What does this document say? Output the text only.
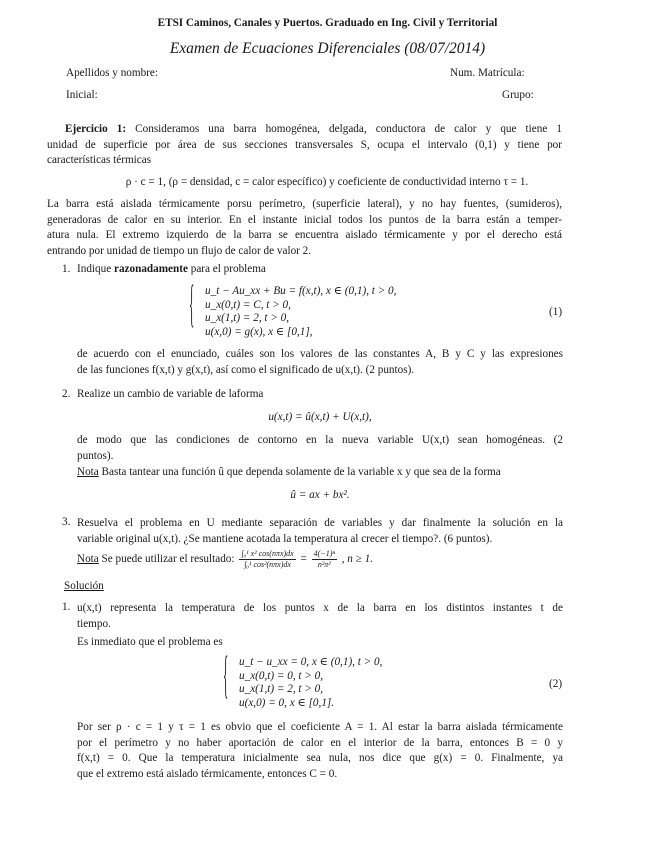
ETSI Caminos, Canales y Puertos. Graduado en Ing. Civil y Territorial
Examen de Ecuaciones Diferenciales (08/07/2014)
Apellidos y nombre:	Num. Matrícula:
Inicial:	Grupo:
Ejercicio 1: Consideramos una barra homogénea, delgada, conductora de calor y que tiene 1
unidad de superficie por área de sus secciones transversales S, ocupa el intervalo (0,1) y tiene por
características térmicas
ρ · c = 1, (ρ = densidad, c = calor específico) y coeficiente de conductividad interno τ = 1.
La barra está aislada térmicamente porsu perímetro, (superficie lateral), y no hay fuentes, (sumideros),
generadoras de calor en su interior. En el instante inicial todos los puntos de la barra están a temper-
atura nula. El extremo izquierdo de la barra se encuentra aislado térmicamente y por el derecho está
entrando por unidad de tiempo un flujo de calor de valor 2.
1. Indique razonadamente para el problema
{ u_t − Au_xx + Bu = f(x,t), x ∈ (0,1), t > 0,
u_x(0,t) = C, t > 0,
u_x(1,t) = 2, t > 0,
u(x,0) = g(x), x ∈ [0,1],
(1)
de acuerdo con el enunciado, cuáles son los valores de las constantes A, B y C y las expresiones
de las funciones f(x,t) y g(x,t), así como el significado de u(x,t). (2 puntos).
2. Realize un cambio de variable de laforma
u(x,t) = û(x,t) + U(x,t),
de modo que las condiciones de contorno en la nueva variable U(x,t) sean homogéneas. (2
puntos).
Nota Basta tantear una función û que dependa solamente de la variable x y que sea de la forma
û = ax + bx².
3. Resuelva el problema en U mediante separación de variables y dar finalmente la solución en la
variable original u(x,t). ¿Se mantiene acotada la temperatura al crecer el tiempo?. (6 puntos).
Nota Se puede utilizar el resultado: $\frac{\text{∫₀¹ x² cos(nπx)dx}}{\text{∫₀¹ cos²(nπx)dx}} = \frac{\text{4(−1)ⁿ}}{\text{n²π²}}$ , n ≥ 1.
Solución
1. u(x,t) representa la temperatura de los puntos x de la barra en los distintos instantes t de
tiempo.
Es inmediato que el problema es
{ u_t − u_xx = 0, x ∈ (0,1), t > 0,
u_x(0,t) = 0, t > 0,
u_x(1,t) = 2, t > 0,
u(x,0) = 0, x ∈ [0,1].
(2)
Por ser ρ · c = 1 y τ = 1 es obvio que el coeficiente A = 1. Al estar la barra aislada térmicamente
por el perímetro y no haber aportación de calor en el interior de la barra, entonces B = 0 y
f(x,t) = 0. Que la temperatura inicialmente sea nula, nos dice que g(x) = 0. Finalmente, ya
que el extremo está aislado térmicamente, entonces C = 0.
